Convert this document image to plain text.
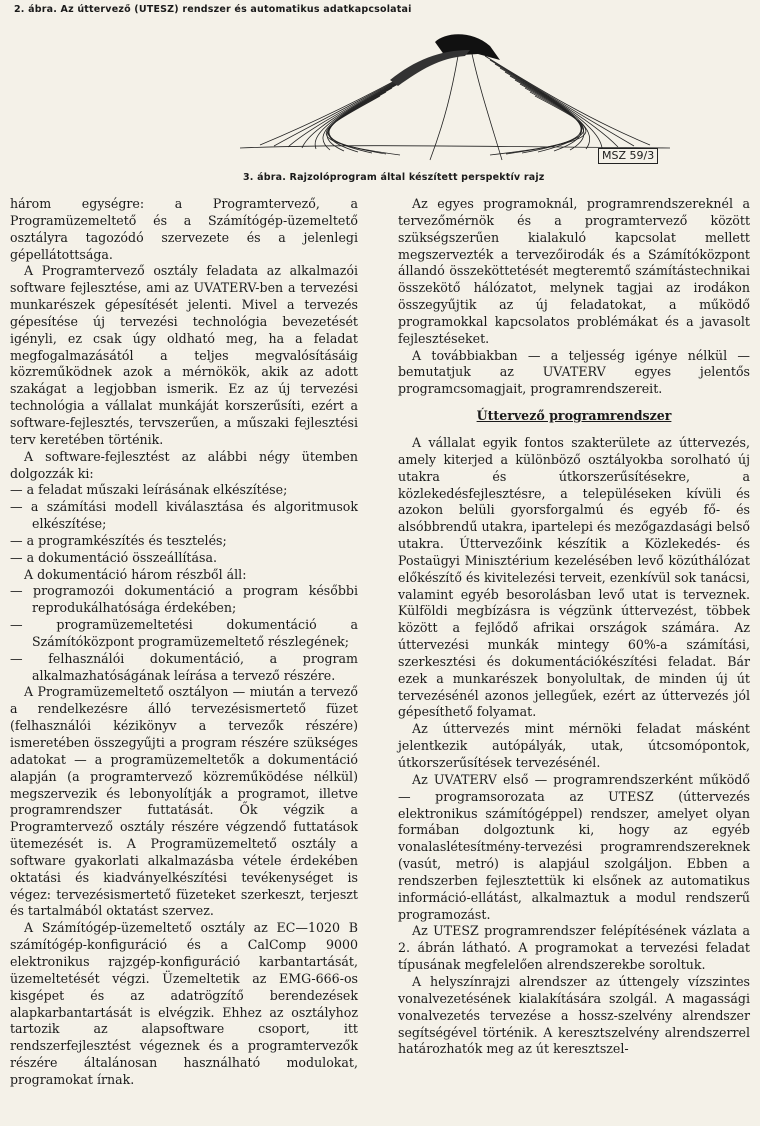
2. ábra. Az úttervező (UTESZ) rendszer és automatikus adatkapcsolatai
3. ábra. Rajzolóprogram által készített perspektív rajz
MSZ 59/3

három egységre: a Programtervező, a Programüzemeltető és a Számítógép-üzemeltető osztályra tagozódó szervezete és a jelenlegi gépellátottsága.

A Programtervező osztály feladata az alkalmazói software fejlesztése, ami az UVATERV-ben a tervezési munkarészek gépesítését jelenti. Mivel a tervezés gépesítése új tervezési technológia bevezetését igényli, ez csak úgy oldható meg, ha a feladat megfogalmazásától a teljes megvalósításáig közreműködnek azok a mérnökök, akik az adott szakágat a legjobban ismerik. Ez az új tervezési technológia a vállalat munkáját korszerűsíti, ezért a software-fejlesztés, tervszerűen, a műszaki fejlesztési terv keretében történik.

A software-fejlesztést az alábbi négy ütemben dolgozzák ki:

— a feladat műszaki leírásának elkészítése;

— a számítási modell kiválasztása és algoritmusok elkészítése;

— a programkészítés és tesztelés;

— a dokumentáció összeállítása.

A dokumentáció három részből áll:

— programozói dokumentáció a program későbbi reprodukálhatósága érdekében;

— programüzemeltetési dokumentáció a Számítóközpont programüzemeltető részlegének;

— felhasználói dokumentáció, a program alkalmazhatóságának leírása a tervező részére.

A Programüzemeltető osztályon — miután a tervező a rendelkezésre álló tervezésismertető füzet (felhasználói kézikönyv a tervezők részére) ismeretében összegyűjti a program részére szükséges adatokat — a programüzemeltetők a dokumentáció alapján (a programtervező közreműködése nélkül) megszervezik és lebonyolítják a programot, illetve programrendszer futtatását. Ők végzik a Programtervező osztály részére végzendő futtatások ütemezését is. A Programüzemeltető osztály a software gyakorlati alkalmazásba vétele érdekében oktatási és kiadványelkészítési tevékenységet is végez: tervezésismertető füzeteket szerkeszt, terjeszt és tartalmából oktatást szervez.

A Számítógép-üzemeltető osztály az EC—1020 B számítógép-konfiguráció és a CalComp 9000 elektronikus rajzgép-konfiguráció karbantartását, üzemeltetését végzi. Üzemeltetik az EMG-666-os kisgépet és az adatrögzítő berendezések alapkarbantartását is elvégzik. Ehhez az osztályhoz tartozik az alapsoftware csoport, itt rendszerfejlesztést végeznek és a programtervezők részére általánosan használható modulokat, programokat írnak.

Az egyes programoknál, programrendszereknél a tervezőmérnök és a programtervező között szükségszerűen kialakuló kapcsolat mellett megszervezték a tervezőirodák és a Számítóközpont állandó összeköttetését megteremtő számítástechnikai összekötő hálózatot, melynek tagjai az irodákon összegyűjtik az új feladatokat, a működő programokkal kapcsolatos problémákat és a javasolt fejlesztéseket.

A továbbiakban — a teljesség igénye nélkül — bemutatjuk az UVATERV egyes jelentős programcsomagjait, programrendszereit.

Úttervező programrendszer

A vállalat egyik fontos szakterülete az úttervezés, amely kiterjed a különböző osztályokba sorolható új utakra és útkorszerűsítésekre, a közlekedésfejlesztésre, a településeken kívüli és azokon belüli gyorsforgalmú és egyéb fő- és alsóbbrendű utakra, ipartelepi és mezőgazdasági belső utakra. Úttervezőink készítik a Közlekedés- és Postaügyi Minisztérium kezelésében levő közúthálózat előkészítő és kivitelezési terveit, ezenkívül sok tanácsi, valamint egyéb besorolásban levő utat is terveznek. Külföldi megbízásra is végzünk úttervezést, többek között a fejlődő afrikai országok számára. Az úttervezési munkák mintegy 60%-a számítási, szerkesztési és dokumentációkészítési feladat. Bár ezek a munkarészek bonyolultak, de minden új út tervezésénél azonos jellegűek, ezért az úttervezés jól gépesíthető folyamat.

Az úttervezés mint mérnöki feladat másként jelentkezik autópályák, utak, útcsomópontok, útkorszerűsítések tervezésénél.

Az UVATERV első — programrendszerként működő — programsorozata az UTESZ (úttervezés elektronikus számítógéppel) rendszer, amelyet olyan formában dolgoztunk ki, hogy az egyéb vonalaslétesítmény-tervezési programrendszereknek (vasút, metró) is alapjául szolgáljon. Ebben a rendszerben fejlesztettük ki elsőnek az automatikus információ-ellátást, alkalmaztuk a modul rendszerű programozást.

Az UTESZ programrendszer felépítésének vázlata a 2. ábrán látható. A programokat a tervezési feladat típusának megfelelően alrendszerekbe soroltuk.

A helyszínrajzi alrendszer az úttengely vízszintes vonalvezetésének kialakítására szolgál. A magassági vonalvezetés tervezése a hossz-szelvény alrendszer segítségével történik. A keresztszelvény alrendszerrel határozhatók meg az út keresztszel-
